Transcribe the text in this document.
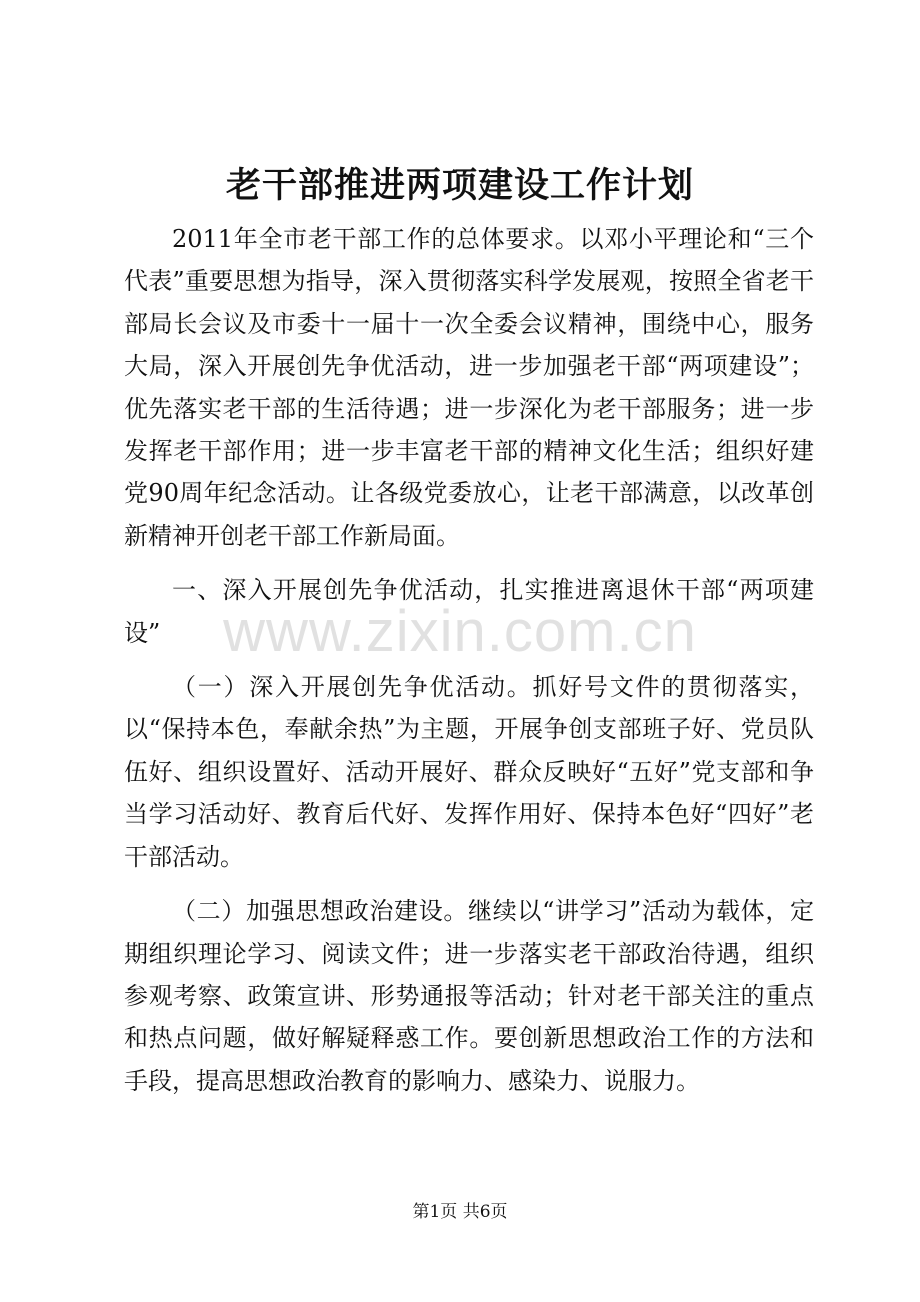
老干部推进两项建设工作计划

2011年全市老干部工作的总体要求。以邓小平理论和“三个代表”重要思想为指导，深入贯彻落实科学发展观，按照全省老干部局长会议及市委十一届十一次全委会议精神，围绕中心，服务大局，深入开展创先争优活动，进一步加强老干部“两项建设”；优先落实老干部的生活待遇；进一步深化为老干部服务；进一步发挥老干部作用；进一步丰富老干部的精神文化生活；组织好建党90周年纪念活动。让各级党委放心，让老干部满意，以改革创新精神开创老干部工作新局面。

一、深入开展创先争优活动，扎实推进离退休干部“两项建设”

（一）深入开展创先争优活动。抓好号文件的贯彻落实，以“保持本色，奉献余热”为主题，开展争创支部班子好、党员队伍好、组织设置好、活动开展好、群众反映好“五好”党支部和争当学习活动好、教育后代好、发挥作用好、保持本色好“四好”老干部活动。

（二）加强思想政治建设。继续以“讲学习”活动为载体，定期组织理论学习、阅读文件；进一步落实老干部政治待遇，组织参观考察、政策宣讲、形势通报等活动；针对老干部关注的重点和热点问题，做好解疑释惑工作。要创新思想政治工作的方法和手段，提高思想政治教育的影响力、感染力、说服力。

www.zixin.com.cn
第1页 共6页
